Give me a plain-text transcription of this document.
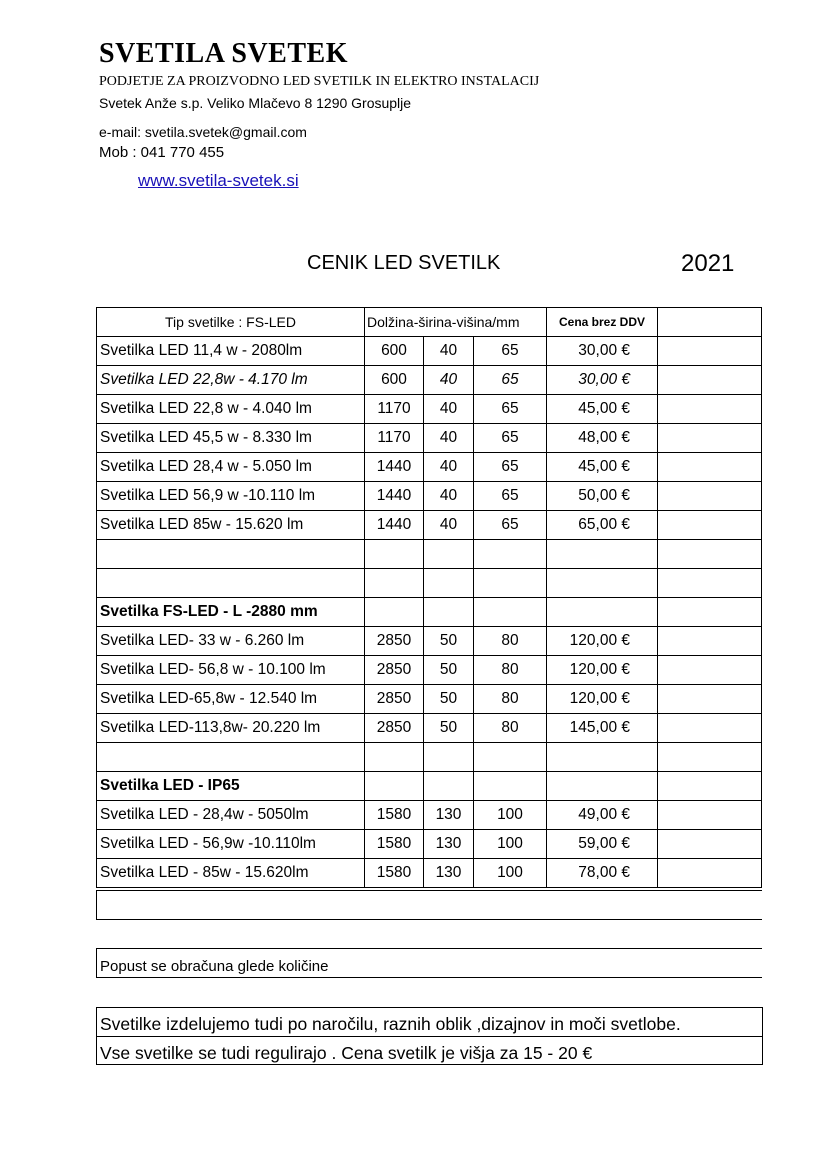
SVETILA SVETEK
PODJETJE ZA PROIZVODNO LED SVETILK IN ELEKTRO INSTALACIJ
Svetek Anže s.p. Veliko Mlačevo 8 1290 Grosuplje
e-mail: svetila.svetek@gmail.com
Mob : 041 770 455
www.svetila-svetek.si
CENIK LED SVETILK	2021
Tip svetilke : FS-LED	Dolžina-širina-višina/mm			Cena brez DDV	
Svetilka LED 11,4 w - 2080lm	600	40	65	30,00 €	
Svetilka LED 22,8w - 4.170 lm	600	40	65	30,00 €	
Svetilka LED 22,8 w - 4.040 lm	1170	40	65	45,00 €	
Svetilka LED 45,5 w - 8.330 lm	1170	40	65	48,00 €	
Svetilka LED 28,4 w - 5.050 lm	1440	40	65	45,00 €	
Svetilka LED 56,9 w -10.110 lm	1440	40	65	50,00 €	
Svetilka LED 85w - 15.620 lm	1440	40	65	65,00 €	

Svetilka FS-LED - L -2880 mm					
Svetilka LED- 33 w - 6.260 lm	2850	50	80	120,00 €	
Svetilka LED- 56,8 w - 10.100 lm	2850	50	80	120,00 €	
Svetilka LED-65,8w - 12.540 lm	2850	50	80	120,00 €	
Svetilka LED-113,8w- 20.220 lm	2850	50	80	145,00 €	

Svetilka LED - IP65					
Svetilka LED - 28,4w - 5050lm	1580	130	100	49,00 €	
Svetilka LED - 56,9w -10.110lm	1580	130	100	59,00 €	
Svetilka LED - 85w - 15.620lm	1580	130	100	78,00 €	
Popust se obračuna glede količine
Svetilke izdelujemo tudi po naročilu, raznih oblik ,dizajnov in moči svetlobe.
Vse svetilke se tudi regulirajo . Cena svetilk je višja za 15 - 20 €
